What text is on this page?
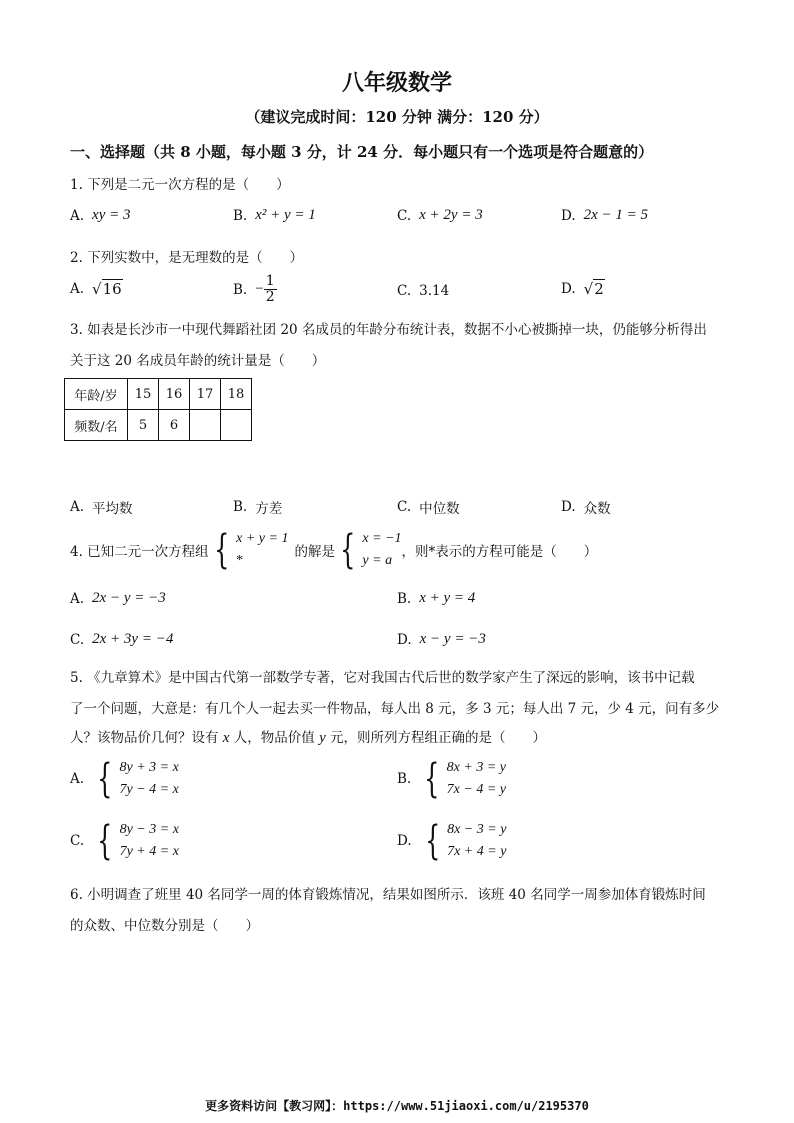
八年级数学
（建议完成时间：120 分钟 满分：120 分）
一、选择题（共 8 小题，每小题 3 分，计 24 分．每小题只有一个选项是符合题意的）
1. 下列是二元一次方程的是（　　）
A. xy = 3	B. x² + y = 1	C. x + 2y = 3	D. 2x − 1 = 5
2. 下列实数中，是无理数的是（　　）
A. √16	B. − $\frac{1}{2}$	C. 3.14	D. √2
3. 如表是长沙市一中现代舞蹈社团 20 名成员的年龄分布统计表，数据不小心被撕掉一块，仍能够分析得出
关于这 20 名成员年龄的统计量是（　　）
年龄/岁	15	16	17	18
频数/名	5	6		
A. 平均数	B. 方差	C. 中位数	D. 众数
4. 已知二元一次方程组 { x + y = 1
*
的解是 { x = −1
y = a
，则*表示的方程可能是（　　）
A. 2x − y = −3	B. x + y = 4
C. 2x + 3y = −4	D. x − y = −3
5. 《九章算术》是中国古代第一部数学专著，它对我国古代后世的数学家产生了深远的影响，该书中记载
了一个问题，大意是：有几个人一起去买一件物品，每人出 8 元，多 3 元；每人出 7 元，少 4 元，问有多少
人？该物品价几何？设有 x 人，物品价值 y 元，则所列方程组正确的是（　　）
A. { 8y + 3 = x
7y − 4 = x
B. { 8x + 3 = y
7x − 4 = y
C. { 8y − 3 = x
7y + 4 = x
D. { 8x − 3 = y
7x + 4 = y
6. 小明调查了班里 40 名同学一周的体育锻炼情况，结果如图所示．该班 40 名同学一周参加体育锻炼时间
的众数、中位数分别是（　　）
更多资料访问【教习网】：https://www.51jiaoxi.com/u/2195370
